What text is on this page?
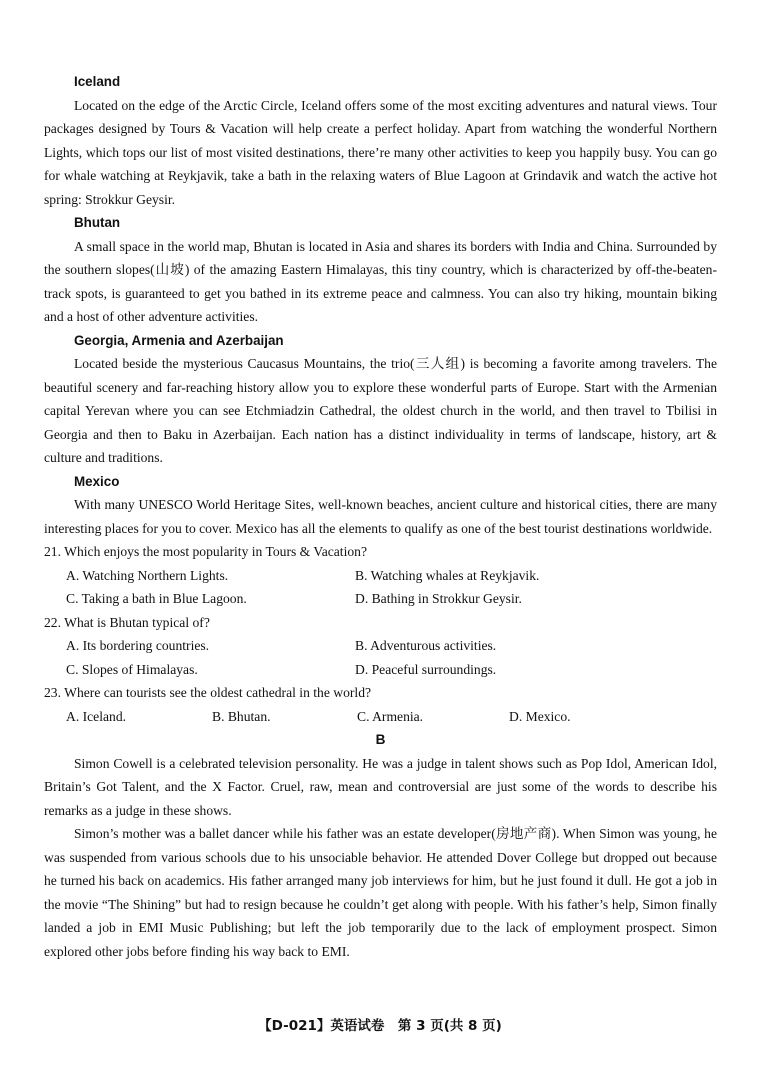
Iceland

Located on the edge of the Arctic Circle, Iceland offers some of the most exciting adventures and natural views. Tour packages designed by Tours & Vacation will help create a perfect holiday. Apart from watching the wonderful Northern Lights, which tops our list of most visited destinations, there’re many other activities to keep you happily busy. You can go for whale watching at Reykjavik, take a bath in the relaxing waters of Blue Lagoon at Grindavik and watch the active hot spring: Strokkur Geysir.

Bhutan

A small space in the world map, Bhutan is located in Asia and shares its borders with India and China. Surrounded by the southern slopes(山坡) of the amazing Eastern Himalayas, this tiny country, which is characterized by off-the-beaten-track spots, is guaranteed to get you bathed in its extreme peace and calmness. You can also try hiking, mountain biking and a host of other adventure activities.

Georgia, Armenia and Azerbaijan

Located beside the mysterious Caucasus Mountains, the trio(三人组) is becoming a favorite among travelers. The beautiful scenery and far-reaching history allow you to explore these wonderful parts of Europe. Start with the Armenian capital Yerevan where you can see Etchmiadzin Cathedral, the oldest church in the world, and then travel to Tbilisi in Georgia and then to Baku in Azerbaijan. Each nation has a distinct individuality in terms of landscape, history, art & culture and traditions.

Mexico

With many UNESCO World Heritage Sites, well-known beaches, ancient culture and historical cities, there are many interesting places for you to cover. Mexico has all the elements to qualify as one of the best tourist destinations worldwide.

21. Which enjoys the most popularity in Tours & Vacation?
A. Watching Northern Lights.	B. Watching whales at Reykjavik.
C. Taking a bath in Blue Lagoon.	D. Bathing in Strokkur Geysir.
22. What is Bhutan typical of?
A. Its bordering countries.	B. Adventurous activities.
C. Slopes of Himalayas.	D. Peaceful surroundings.
23. Where can tourists see the oldest cathedral in the world?
A. Iceland.	B. Bhutan.	C. Armenia.	D. Mexico.
B

Simon Cowell is a celebrated television personality. He was a judge in talent shows such as Pop Idol, American Idol, Britain’s Got Talent, and the X Factor. Cruel, raw, mean and controversial are just some of the words to describe his remarks as a judge in these shows.

Simon’s mother was a ballet dancer while his father was an estate developer(房地产商). When Simon was young, he was suspended from various schools due to his unsociable behavior. He attended Dover College but dropped out because he turned his back on academics. His father arranged many job interviews for him, but he just found it dull. He got a job in the movie “The Shining” but had to resign because he couldn’t get along with people. With his father’s help, Simon finally landed a job in EMI Music Publishing; but left the job temporarily due to the lack of employment prospect. Simon explored other jobs before finding his way back to EMI.

【D-021】英语试卷　第 3 页(共 8 页)
